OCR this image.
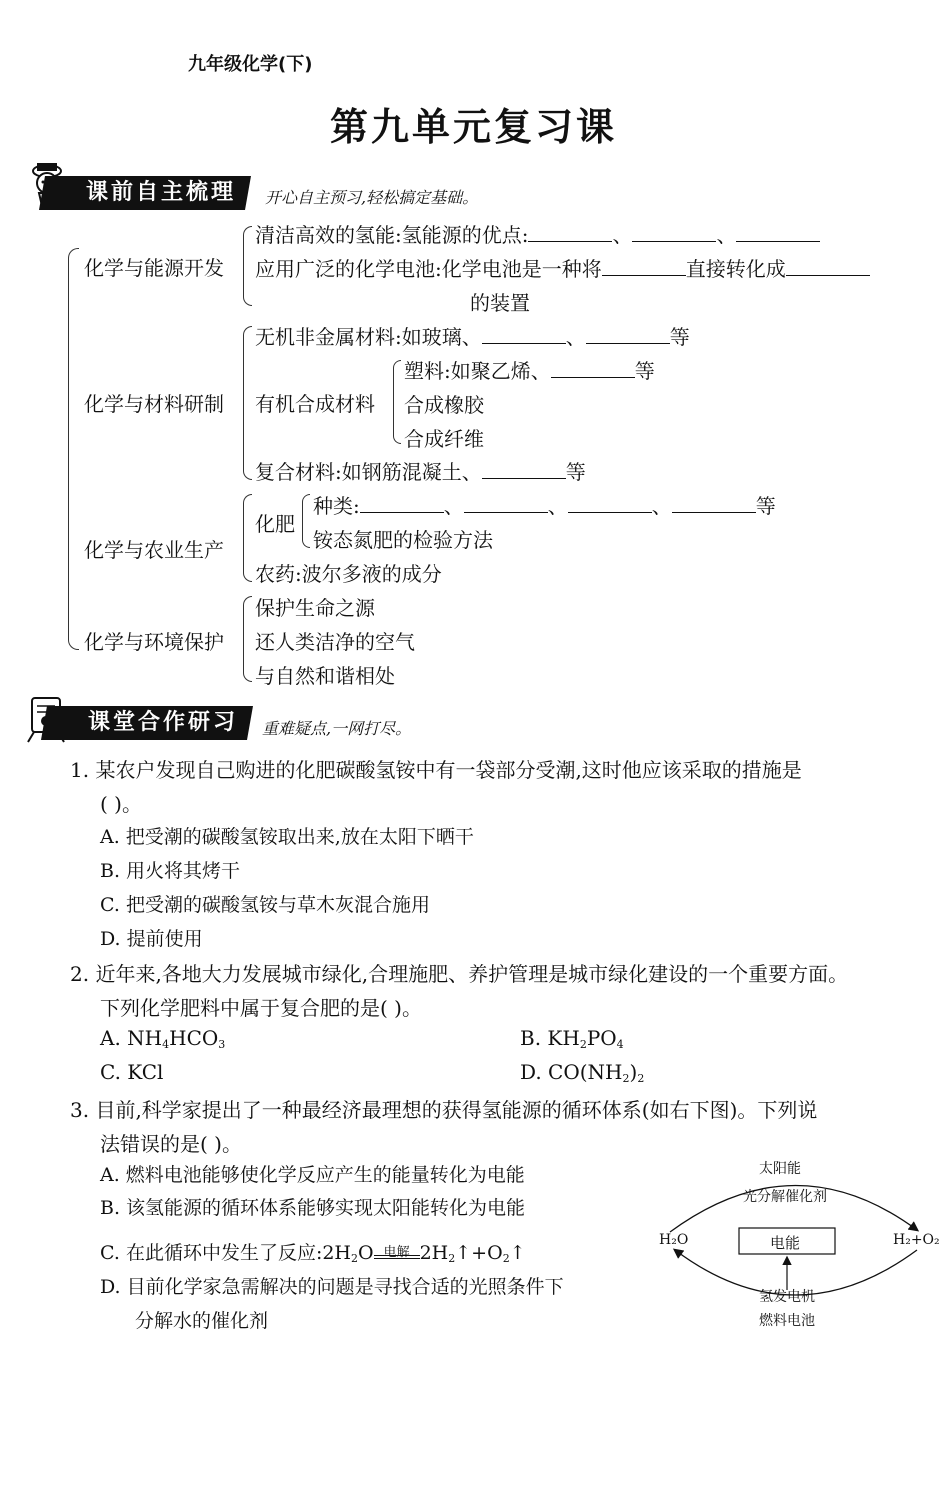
九年级化学(下)
第九单元复习课
课前自主梳理	开心自主预习,轻松搞定基础。
化学与能源开发
清洁高效的氢能:氢能源的优点:	、	、
应用广泛的化学电池:化学电池是一种将	直接转化成
的装置
化学与材料研制
无机非金属材料:如玻璃、	、	等
有机合成材料
塑料:如聚乙烯、	等
合成橡胶
合成纤维
复合材料:如钢筋混凝土、	等
化学与农业生产
化肥
种类:	、	、	、	等
铵态氮肥的检验方法
农药:波尔多液的成分
化学与环境保护
保护生命之源
还人类洁净的空气
与自然和谐相处
课堂合作研习	重难疑点,一网打尽。
1. 某农户发现自己购进的化肥碳酸氢铵中有一袋部分受潮,这时他应该采取的措施是
( )。
A. 把受潮的碳酸氢铵取出来,放在太阳下晒干
B. 用火将其烤干
C. 把受潮的碳酸氢铵与草木灰混合施用
D. 提前使用
2. 近年来,各地大力发展城市绿化,合理施肥、养护管理是城市绿化建设的一个重要方面。
下列化学肥料中属于复合肥的是( )。
A. $NH_4HCO_3$	B. $KH_2PO_4$
C. KCl	D. $CO(NH_2)_2$
3. 目前,科学家提出了一种最经济最理想的获得氢能源的循环体系(如右下图)。下列说
法错误的是( )。
A. 燃料电池能够使化学反应产生的能量转化为电能
B. 该氢能源的循环体系能够实现太阳能转化为电能
C. 在此循环中发生了反应$:2H_2O$ 电解 $2H_2↑+O_2↑$
D. 目前化学家急需解决的问题是寻找合适的光照条件下
分解水的催化剂
太阳能
光分解催化剂
H₂O	H₂+O₂
电能
氢发电机
燃料电池
